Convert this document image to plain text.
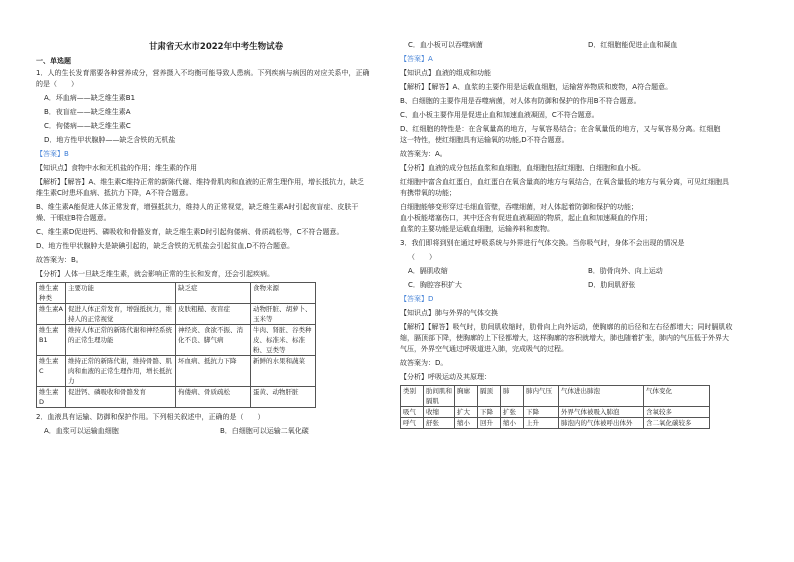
甘肃省天水市2022年中考生物试卷
一、单选题
1．人的生长发育需要各种营养成分，营养摄入不均衡可能导致人患病。下列疾病与病因的对应关系中，正确
的是（　　）
A．坏血病——缺乏维生素B1
B．夜盲症——缺乏维生素A
C．佝偻病——缺乏维生素C
D．地方性甲状腺肿——缺乏含铁的无机盐
【答案】B
【知识点】食物中水和无机盐的作用；维生素的作用
【解析】【解答】A、维生素C维持正常的新陈代谢、维持骨肌肉和血液的正常生理作用，增长抵抗力，缺乏
维生素C时患坏血病、抵抗力下降，A不符合题意。
B、维生素A能促进人体正常发育，增强抵抗力，维持人的正常视觉，缺乏维生素A时引起夜盲症、皮肤干
燥、干眼症B符合题意。
C、维生素D促进钙、磷吸收和骨骼发育，缺乏维生素D时引起佝偻病、骨质疏松等，C不符合题意。
D、地方性甲状腺肿大是缺碘引起的，缺乏含铁的无机盐会引起贫血,D不符合题意。
故答案为：B。
【分析】人体一旦缺乏维生素，就会影响正常的生长和发育，还会引起疾病。
维生素种类	主要功能	缺乏症	食物来源
维生素A	促进人体正常发育，增强抵抗力，维持人的正常视觉	皮肤粗糙、夜盲症	动物肝脏、胡萝卜、玉米等
维生素B1	维持人体正常的新陈代谢和神经系统的正常生理功能	神经炎、食欲不振、消化不良、脚气病	牛肉、肾脏、谷类种皮、标准米、标准粉、豆类等
维生素C	维持正常的新陈代谢，维持骨骼、肌肉和血液的正常生理作用，增长抵抗力	坏血病、抵抗力下降	新鲜的水果和蔬菜
维生素D	促进钙、磷吸收和骨骼发育	佝偻病、骨质疏松	蛋黄、动物肝脏
2．血液具有运输、防御和保护作用。下列相关叙述中，正确的是（　　）
A．血浆可以运输血细胞	B．白细胞可以运输二氧化碳
C．血小板可以吞噬病菌	D．红细胞能促进止血和凝血
【答案】A
【知识点】血液的组成和功能
【解析】【解答】A、血浆的主要作用是运载血细胞，运输营养物质和废物，A符合题意。
B、白细胞的主要作用是吞噬病菌，对人体有防御和保护的作用B不符合题意。
C、血小板主要作用是促进止血和加速血液凝固，C不符合题意。
D、红细胞的特性是：在含氧量高的地方，与氧容易结合；在含氧量低的地方，又与氧容易分离。红细胞
这一特性，使红细胞具有运输氧的功能,D不符合题意。
故答案为：A。
【分析】血液的成分包括血浆和血细胞，血细胞包括红细胞、白细胞和血小板。
红细胞中富含血红蛋白，血红蛋白在氧含量高的地方与氧结合，在氧含量低的地方与氧分离，可见红细胞具
有携带氧的功能；
白细胞能够变形穿过毛细血管壁，吞噬细菌，对人体起着防御和保护的功能；
血小板能堵塞伤口，其中还含有促进血液凝固的物质，起止血和加速凝血的作用；
血浆的主要功能是运载血细胞，运输养料和废物。
3．我们即将到别在通过呼吸系统与外界进行气体交换。当你吸气时，身体不会出现的情况是
（　　）
A．膈肌收缩	B．肋骨向外、向上运动
C．胸腔容积扩大	D．肋间肌舒张
【答案】D
【知识点】肺与外界的气体交换
【解析】【解答】吸气时，肋间肌收缩时，肋骨向上向外运动，使胸廓的前后径和左右径都增大；同时膈肌收
缩，膈顶部下降，使胸廓的上下径都增大，这样胸廓的容积就增大，肺也随着扩张，肺内的气压低于外界大
气压，外界空气通过呼吸道进入肺，完成吸气的过程。
故答案为：D。
【分析】呼吸运动及其原理：
类别	肋间肌和膈肌	胸廓	膈顶	肺	肺内气压	气体进出肺泡	气体变化
吸气	收缩	扩大	下降	扩张	下降	外界气体被吸入肺泡	含氧较多
呼气	舒张	缩小	回升	缩小	上升	肺泡内的气体被呼出体外	含二氧化碳较多
